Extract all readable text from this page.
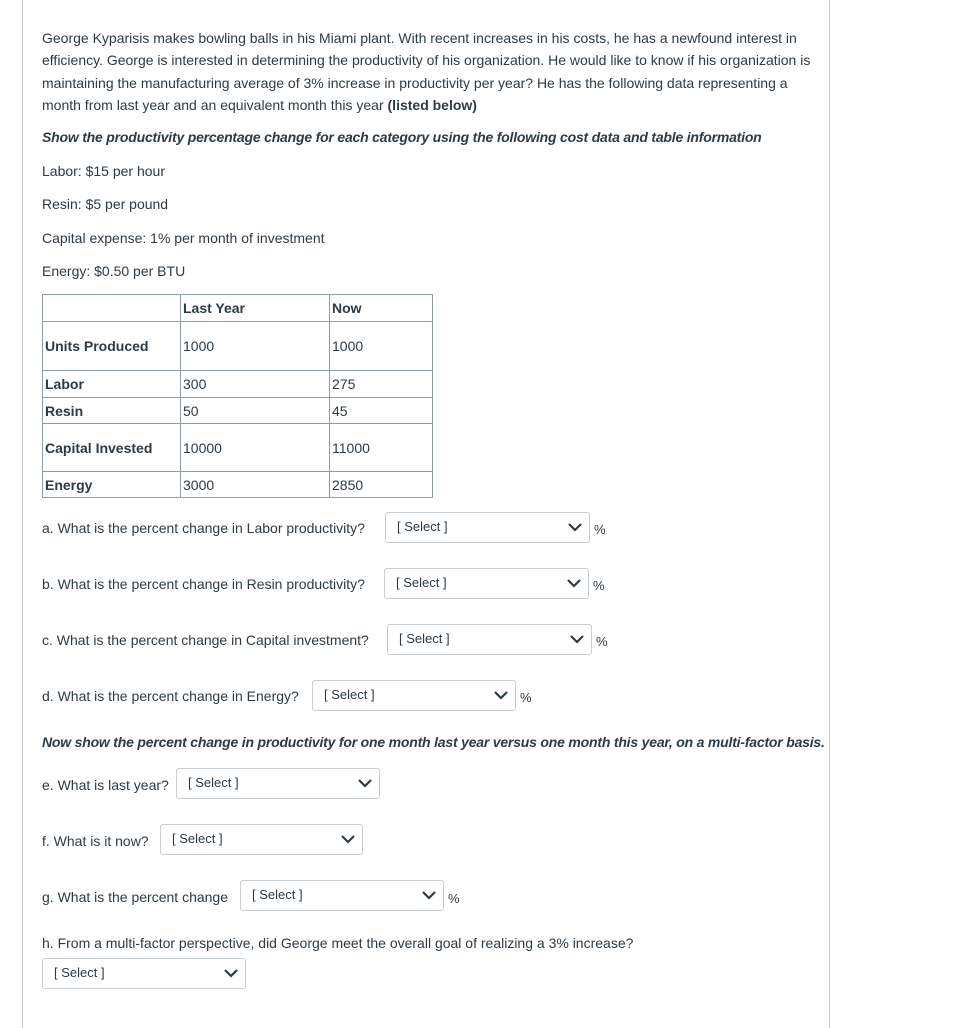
George Kyparisis makes bowling balls in his Miami plant. With recent increases in his costs, he has a newfound interest in efficiency. George is interested in determining the productivity of his organization. He would like to know if his organization is maintaining the manufacturing average of 3% increase in productivity per year? He has the following data representing a month from last year and an equivalent month this year (listed below)

Show the productivity percentage change for each category using the following cost data and table information

Labor: $15 per hour

Resin: $5 per pound

Capital expense: 1% per month of investment

Energy: $0.50 per BTU

	Last Year	Now
Units Produced	1000	1000
Labor	300	275
Resin	50	45
Capital Invested	10000	11000
Energy	3000	2850
a. What is the percent change in Labor productivity? [ Select ]	%
b. What is the percent change in Resin productivity? [ Select ]	%
c. What is the percent change in Capital investment? [ Select ]	%
d. What is the percent change in Energy? [ Select ]	%

Now show the percent change in productivity for one month last year versus one month this year, on a multi-factor basis.

e. What is last year? [ Select ]
f. What is it now? [ Select ]
g. What is the percent change [ Select ]	%
h. From a multi-factor perspective, did George meet the overall goal of realizing a 3% increase?
[ Select ]
